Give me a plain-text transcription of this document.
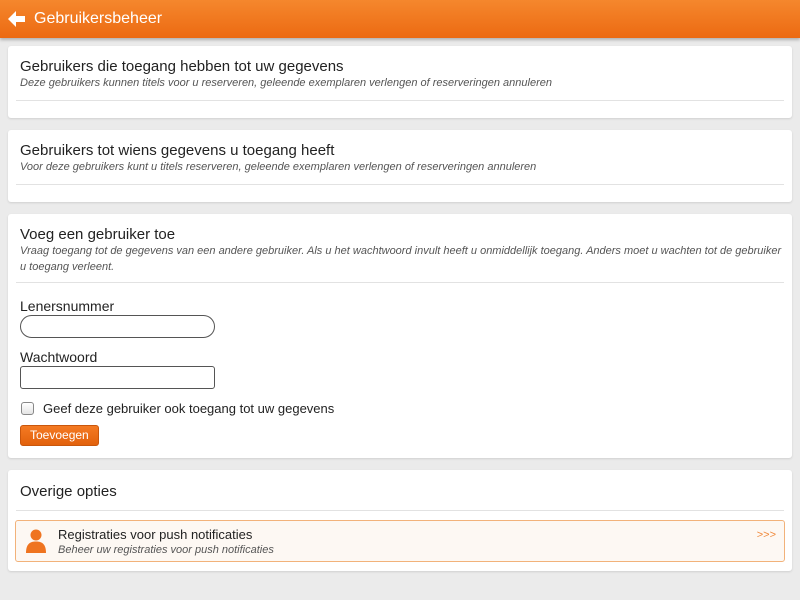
Gebruikersbeheer
Gebruikers die toegang hebben tot uw gegevens
Deze gebruikers kunnen titels voor u reserveren, geleende exemplaren verlengen of reserveringen annuleren
Gebruikers tot wiens gegevens u toegang heeft
Voor deze gebruikers kunt u titels reserveren, geleende exemplaren verlengen of reserveringen annuleren
Voeg een gebruiker toe
Vraag toegang tot de gegevens van een andere gebruiker. Als u het wachtwoord invult heeft u onmiddellijk toegang. Anders moet u wachten tot de gebruiker u toegang verleent.
Lenersnummer
Wachtwoord
Geef deze gebruiker ook toegang tot uw gegevens
Toevoegen
Overige opties
Registraties voor push notificaties
Beheer uw registraties voor push notificaties
>>>
